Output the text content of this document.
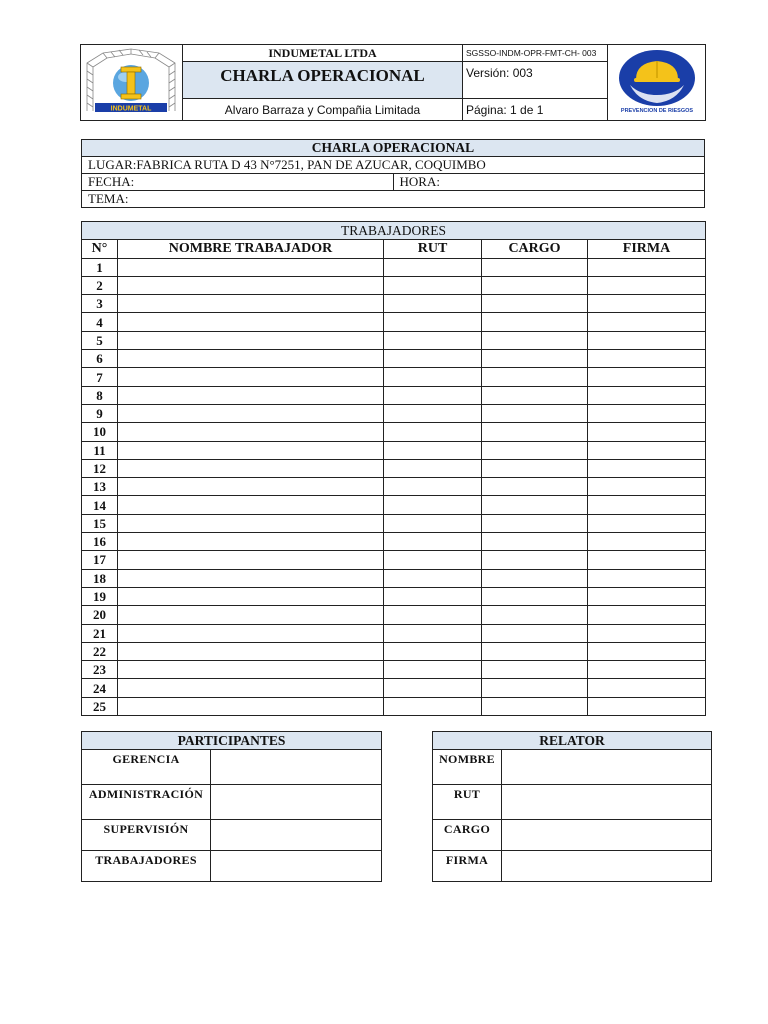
INDUMETAL
INDUMETAL LTDA
CHARLA OPERACIONAL
Alvaro Barraza y Compañia Limitada
SGSSO-INDM-OPR-FMT-CH- 003
Versión: 003
Página: 1 de 1	PREVENCION DE RIESGOS
CHARLA OPERACIONAL
LUGAR:FABRICA RUTA D 43 N°7251, PAN DE AZUCAR, COQUIMBO
FECHA:	HORA:
TEMA:
TRABAJADORES				
N°	NOMBRE TRABAJADOR	RUT	CARGO	FIRMA
1				
2				
3				
4				
5				
6				
7				
8				
9				
10				
11				
12				
13				
14				
15				
16				
17				
18				
19				
20				
21				
22				
23				
24				
25				
PARTICIPANTES	
GERENCIA	
ADMINISTRACIÓN	
SUPERVISIÓN	
TRABAJADORES	
RELATOR	
NOMBRE	
RUT	
CARGO	
FIRMA	
